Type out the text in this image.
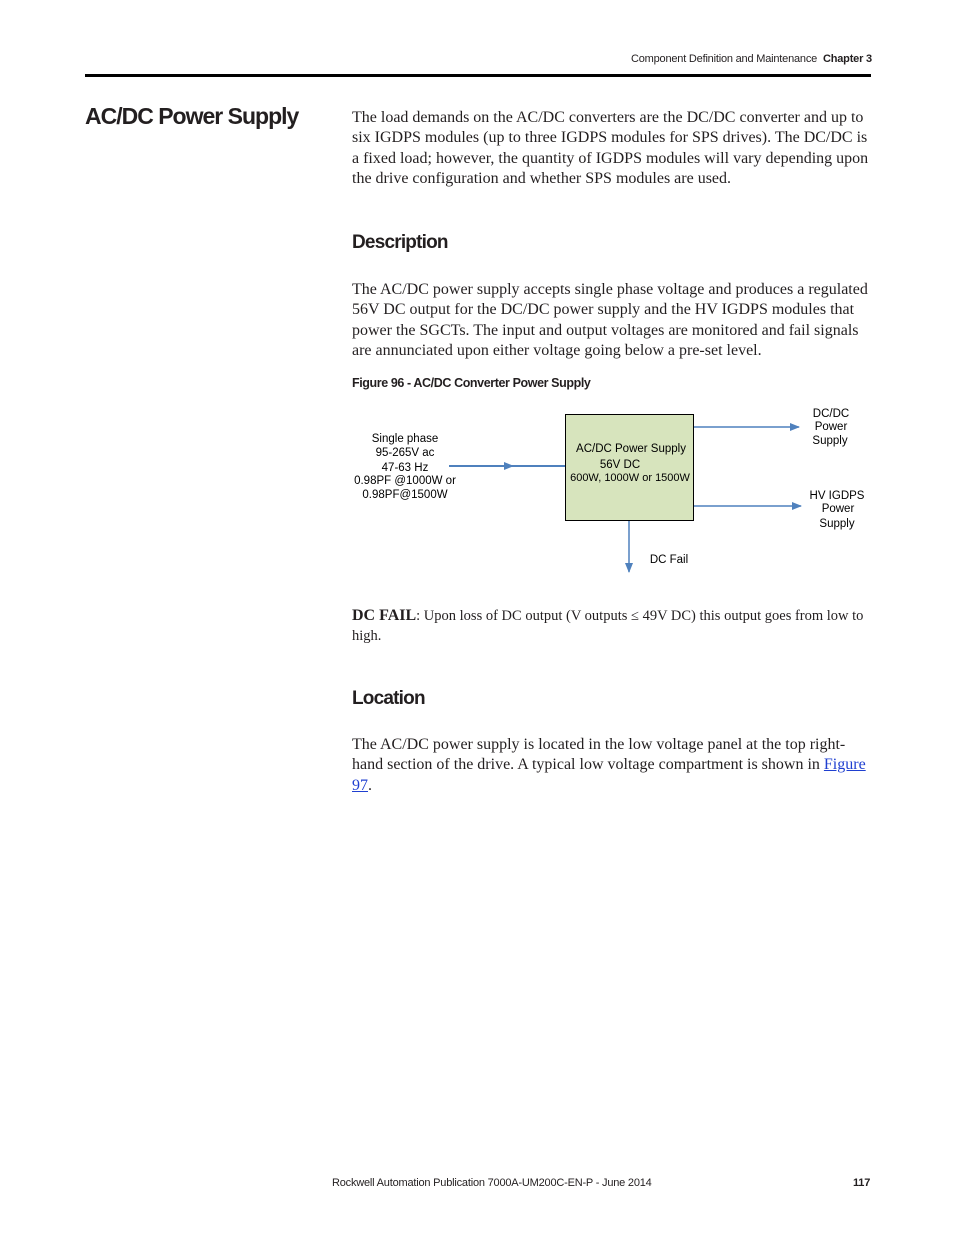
Component Definition and Maintenance Chapter 3
AC/DC Power Supply	The load demands on the AC/DC converters are the DC/DC converter and up to six IGDPS modules (up to three IGDPS modules for SPS drives). The DC/DC is a fixed load; however, the quantity of IGDPS modules will vary depending upon the drive configuration and whether SPS modules are used.

Description

The AC/DC power supply accepts single phase voltage and produces a regulated 56V DC output for the DC/DC power supply and the HV IGDPS modules that power the SGCTs. The input and output voltages are monitored and fail signals are annunciated upon either voltage going below a pre-set level.

Figure 96 - AC/DC Converter Power Supply
Single phase
95-265V ac
47-63 Hz
0.98PF @1000W or
0.98PF@1500W
AC/DC Power Supply
56V DC
600W, 1000W or 1500W
DC/DC
Power
Supply
HV IGDPS
Power
Supply
DC Fail

DC FAIL: Upon loss of DC output (V outputs ≤ 49V DC) this output goes from low to high.

Location

The AC/DC power supply is located in the low voltage panel at the top right-hand section of the drive. A typical low voltage compartment is shown in Figure 97.

Rockwell Automation Publication 7000A-UM200C-EN-P - June 2014	117
